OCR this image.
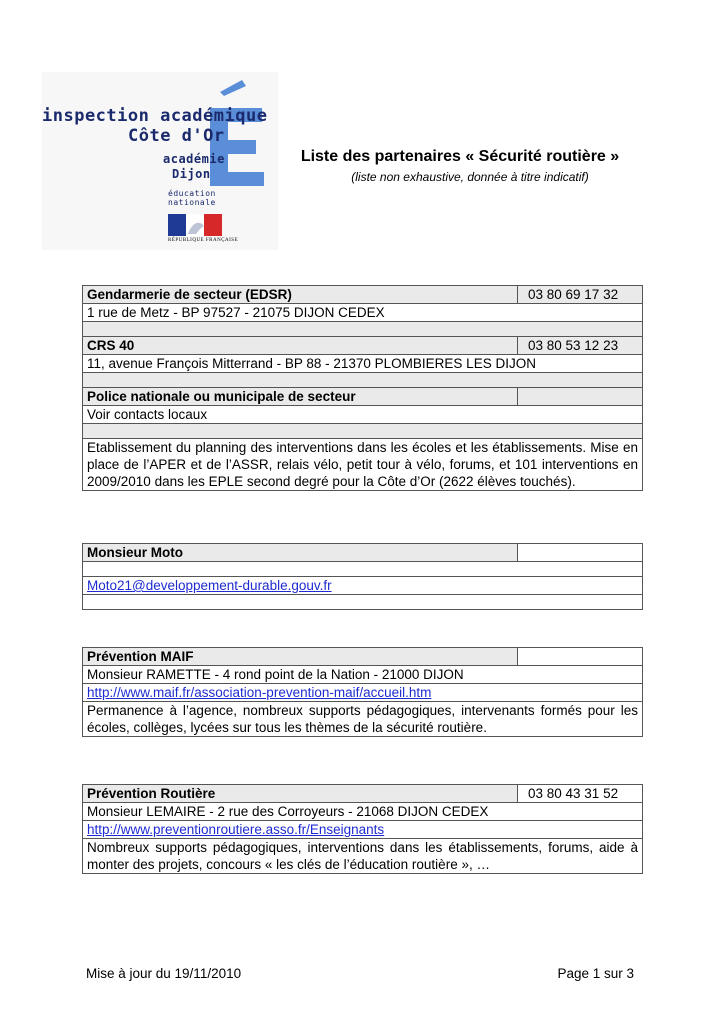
inspection académique
Côte d'Or
académie
Dijon
éducation
nationale
RÉPUBLIQUE FRANÇAISE
Liste des partenaires « Sécurité routière »
(liste non exhaustive, donnée à titre indicatif)
Gendarmerie de secteur (EDSR)	03 80 69 17 32
1 rue de Metz - BP 97527 - 21075 DIJON CEDEX	

CRS 40	03 80 53 12 23
11, avenue François Mitterrand - BP 88 - 21370 PLOMBIERES LES DIJON	

Police nationale ou municipale de secteur	
Voir contacts locaux	

Etablissement du planning des interventions dans les écoles et les établissements. Mise en place de l’APER et de l’ASSR, relais vélo, petit tour à vélo, forums, et 101 interventions en 2009/2010 dans les EPLE second degré pour la Côte d’Or (2622 élèves touchés).	
Monsieur Moto	

Moto21@developpement-durable.gouv.fr

Prévention MAIF	
Monsieur RAMETTE - 4 rond point de la Nation - 21000 DIJON
http://www.maif.fr/association-prevention-maif/accueil.htm
Permanence à l’agence, nombreux supports pédagogiques, intervenants formés pour les écoles, collèges, lycées sur tous les thèmes de la sécurité routière.
Prévention Routière	03 80 43 31 52
Monsieur LEMAIRE - 2 rue des Corroyeurs - 21068 DIJON CEDEX
http://www.preventionroutiere.asso.fr/Enseignants
Nombreux supports pédagogiques, interventions dans les établissements, forums, aide à monter des projets, concours « les clés de l’éducation routière », …
Mise à jour du 19/11/2010	Page 1 sur 3
